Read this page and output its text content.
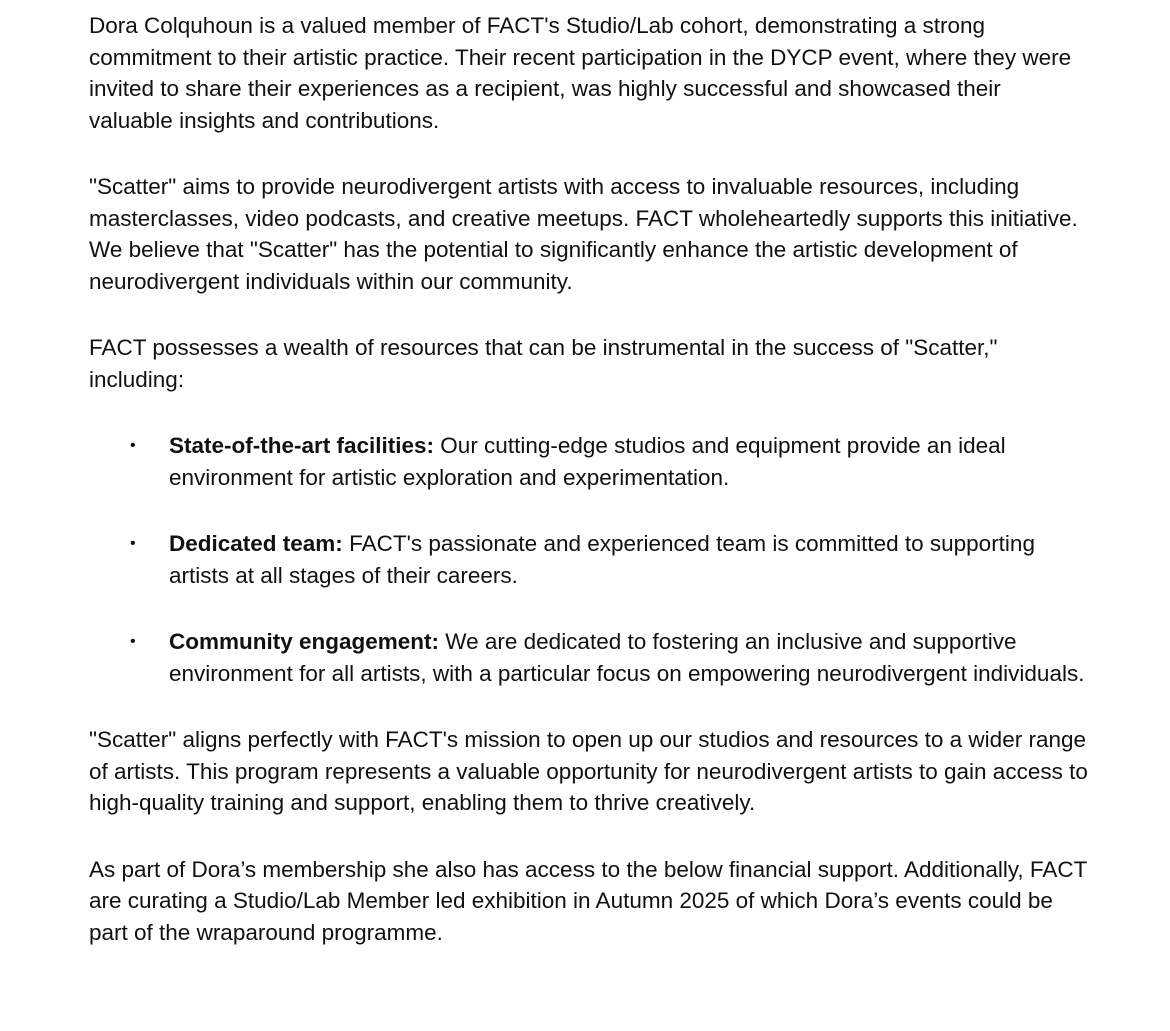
Dora Colquhoun is a valued member of FACT's Studio/Lab cohort, demonstrating a strong commitment to their artistic practice. Their recent participation in the DYCP event, where they were invited to share their experiences as a recipient, was highly successful and showcased their valuable insights and contributions.

"Scatter" aims to provide neurodivergent artists with access to invaluable resources, including masterclasses, video podcasts, and creative meetups. FACT wholeheartedly supports this initiative. We believe that "Scatter" has the potential to significantly enhance the artistic development of neurodivergent individuals within our community.

FACT possesses a wealth of resources that can be instrumental in the success of "Scatter," including:

• State-of-the-art facilities: Our cutting-edge studios and equipment provide an ideal environment for artistic exploration and experimentation.
• Dedicated team: FACT's passionate and experienced team is committed to supporting artists at all stages of their careers.
• Community engagement: We are dedicated to fostering an inclusive and supportive environment for all artists, with a particular focus on empowering neurodivergent individuals.

"Scatter" aligns perfectly with FACT's mission to open up our studios and resources to a wider range of artists. This program represents a valuable opportunity for neurodivergent artists to gain access to high-quality training and support, enabling them to thrive creatively.

As part of Dora’s membership she also has access to the below financial support. Additionally, FACT are curating a Studio/Lab Member led exhibition in Autumn 2025 of which Dora’s events could be part of the wraparound programme.
